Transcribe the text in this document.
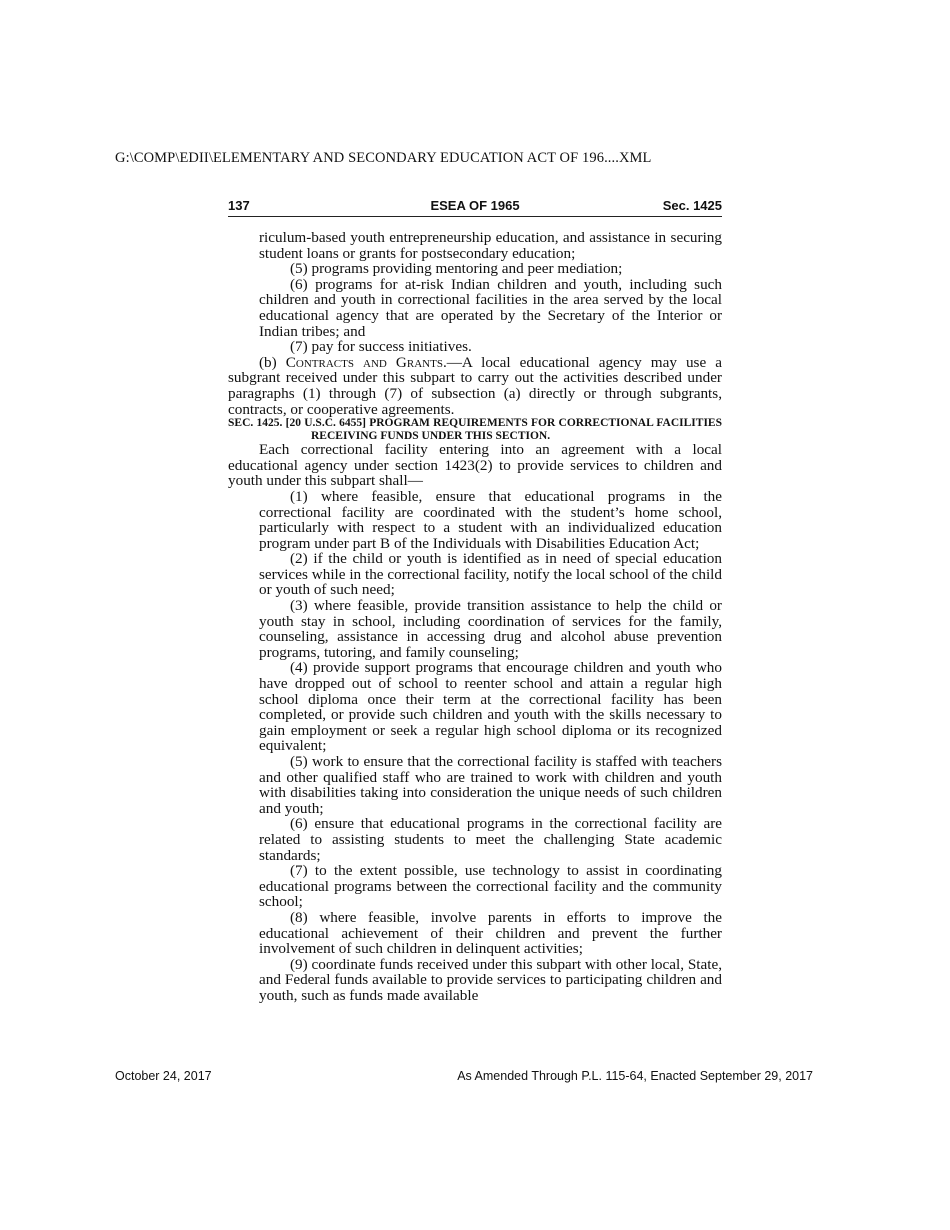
G:\COMP\EDII\ELEMENTARY AND SECONDARY EDUCATION ACT OF 196....XML
137	ESEA OF 1965	Sec. 1425

riculum-based youth entrepreneurship education, and assistance in securing student loans or grants for postsecondary education;

(5) programs providing mentoring and peer mediation;

(6) programs for at-risk Indian children and youth, including such children and youth in correctional facilities in the area served by the local educational agency that are operated by the Secretary of the Interior or Indian tribes; and

(7) pay for success initiatives.

(b) Contracts and Grants.—A local educational agency may use a subgrant received under this subpart to carry out the activities described under paragraphs (1) through (7) of subsection (a) directly or through subgrants, contracts, or cooperative agreements.

SEC. 1425. [20 U.S.C. 6455] PROGRAM REQUIREMENTS FOR CORRECTIONAL FACILITIES RECEIVING FUNDS UNDER THIS SECTION.

Each correctional facility entering into an agreement with a local educational agency under section 1423(2) to provide services to children and youth under this subpart shall—

(1) where feasible, ensure that educational programs in the correctional facility are coordinated with the student’s home school, particularly with respect to a student with an individualized education program under part B of the Individuals with Disabilities Education Act;

(2) if the child or youth is identified as in need of special education services while in the correctional facility, notify the local school of the child or youth of such need;

(3) where feasible, provide transition assistance to help the child or youth stay in school, including coordination of services for the family, counseling, assistance in accessing drug and alcohol abuse prevention programs, tutoring, and family counseling;

(4) provide support programs that encourage children and youth who have dropped out of school to reenter school and attain a regular high school diploma once their term at the correctional facility has been completed, or provide such children and youth with the skills necessary to gain employment or seek a regular high school diploma or its recognized equivalent;

(5) work to ensure that the correctional facility is staffed with teachers and other qualified staff who are trained to work with children and youth with disabilities taking into consideration the unique needs of such children and youth;

(6) ensure that educational programs in the correctional facility are related to assisting students to meet the challenging State academic standards;

(7) to the extent possible, use technology to assist in coordinating educational programs between the correctional facility and the community school;

(8) where feasible, involve parents in efforts to improve the educational achievement of their children and prevent the further involvement of such children in delinquent activities;

(9) coordinate funds received under this subpart with other local, State, and Federal funds available to provide services to participating children and youth, such as funds made available

October 24, 2017	As Amended Through P.L. 115-64, Enacted September 29, 2017
